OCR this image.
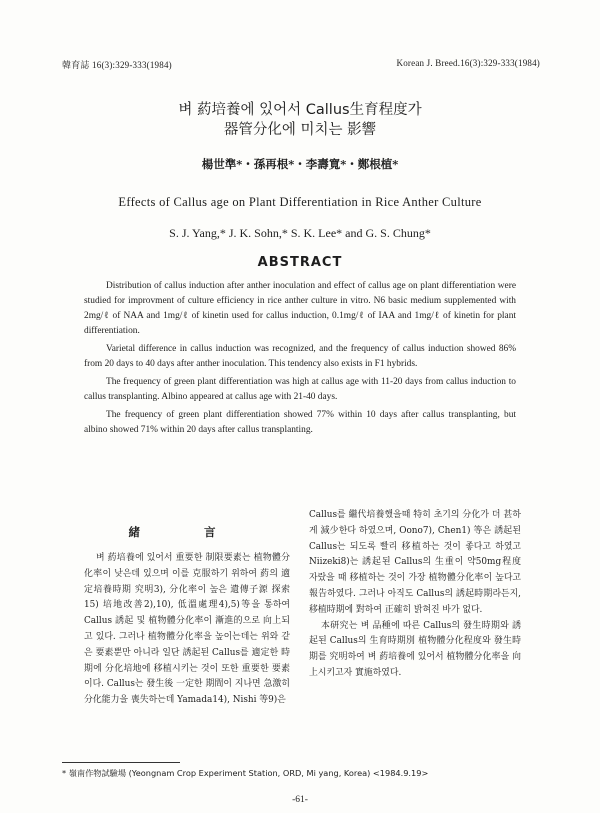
韓育誌 16(3):329-333(1984)	Korean J. Breed.16(3):329-333(1984)
벼 葯培養에 있어서 Callus生育程度가
器管分化에 미치는 影響
楊世準*・孫再根*・李壽寬*・鄭根植*
Effects of Callus age on Plant Differentiation in Rice Anther Culture
S. J. Yang,* J. K. Sohn,* S. K. Lee* and G. S. Chung*
ABSTRACT

Distribution of callus induction after anther inoculation and effect of callus age on plant differentiation were studied for improvment of culture efficiency in rice anther culture in vitro. N6 basic medium supplemented with 2mg/ℓ of NAA and 1mg/ℓ of kinetin used for callus induction, 0.1mg/ℓ of IAA and 1mg/ℓ of kinetin for plant differentiation.

Varietal difference in callus induction was recognized, and the frequency of callus induction showed 86% from 20 days to 40 days after anther inoculation. This tendency also exists in F1 hybrids.

The frequency of green plant differentiation was high at callus age with 11-20 days from callus induction to callus transplanting. Albino appeared at callus age with 21-40 days.

The frequency of green plant differentiation showed 77% within 10 days after callus transplanting, but albino showed 71% within 20 days after callus transplanting.

緒 言

벼 葯培養에 있어서 重要한 制限要素는 植物體分化率이 낮은데 있으며 이를 克服하기 위하여 葯의 適定培養時期 究明3), 分化率이 높은 遺傳子源 探索15) 培地改善2),10), 低溫處理4),5)等을 통하여 Callus 誘起 및 植物體分化率이 漸進的으로 向上되고 있다. 그러나 植物體分化率을 높이는데는 위와 같은 要素뿐만 아니라 일단 誘起된 Callus를 適定한 時期에 分化培地에 移植시키는 것이 또한 重要한 要素이다. Callus는 發生後 一定한 期間이 지나면 急激히 分化能力을 喪失하는데 Yamada14), Nishi 等9)은

Callus를 繼代培養했을때 特히 초기의 分化가 더 甚하게 減少한다 하였으며, Oono7), Chen1) 等은 誘起된 Callus는 되도록 빨리 移植하는 것이 좋다고 하였고 Niizeki8)는 誘起된 Callus의 生重이 약50mg程度 자랐을 때 移植하는 것이 가장 植物體分化率이 높다고 報告하였다. 그러나 아직도 Callus의 誘起時期라든지, 移植時期에 對하여 正確히 밝혀진 바가 없다.

本研究는 벼 品種에 따른 Callus의 發生時期와 誘起된 Callus의 生育時期別 植物體分化程度와 發生時期를 究明하여 벼 葯培養에 있어서 植物體分化率을 向上시키고자 實施하였다.

* 嶺南作物試驗場 (Yeongnam Crop Experiment Station, ORD, Mi yang, Korea) <1984.9.19>
-61-
